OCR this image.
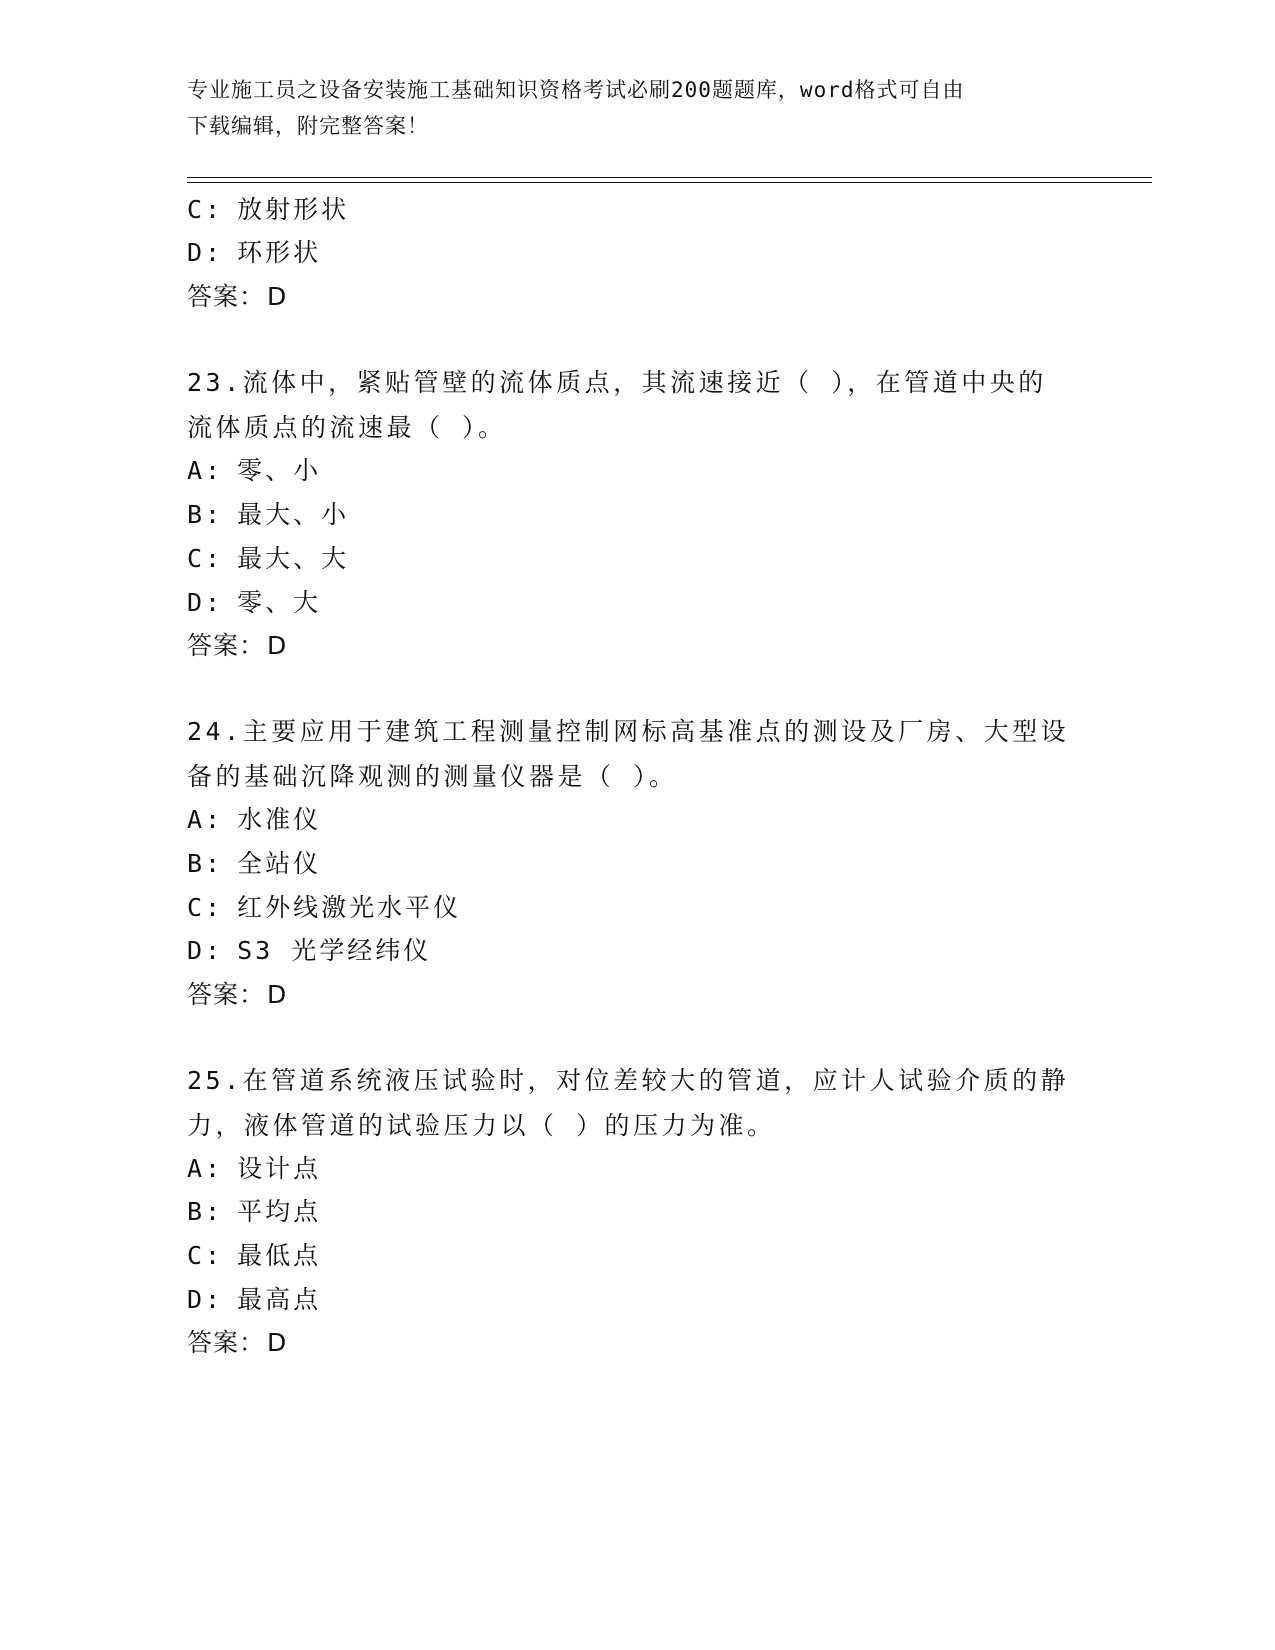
专业施工员之设备安装施工基础知识资格考试必刷200题题库，word格式可自由
下载编辑，附完整答案！
C: 放射形状
D: 环形状
答案：D
23.流体中，紧贴管壁的流体质点，其流速接近（ ），在管道中央的
流体质点的流速最（ ）。
A: 零、小
B: 最大、小
C: 最大、大
D: 零、大
答案：D
24.主要应用于建筑工程测量控制网标高基准点的测设及厂房、大型设
备的基础沉降观测的测量仪器是（ ）。
A: 水准仪
B: 全站仪
C: 红外线激光水平仪
D: S3 光学经纬仪
答案：D
25.在管道系统液压试验时，对位差较大的管道，应计人试验介质的静
力，液体管道的试验压力以（ ）的压力为准。
A: 设计点
B: 平均点
C: 最低点
D: 最高点
答案：D
